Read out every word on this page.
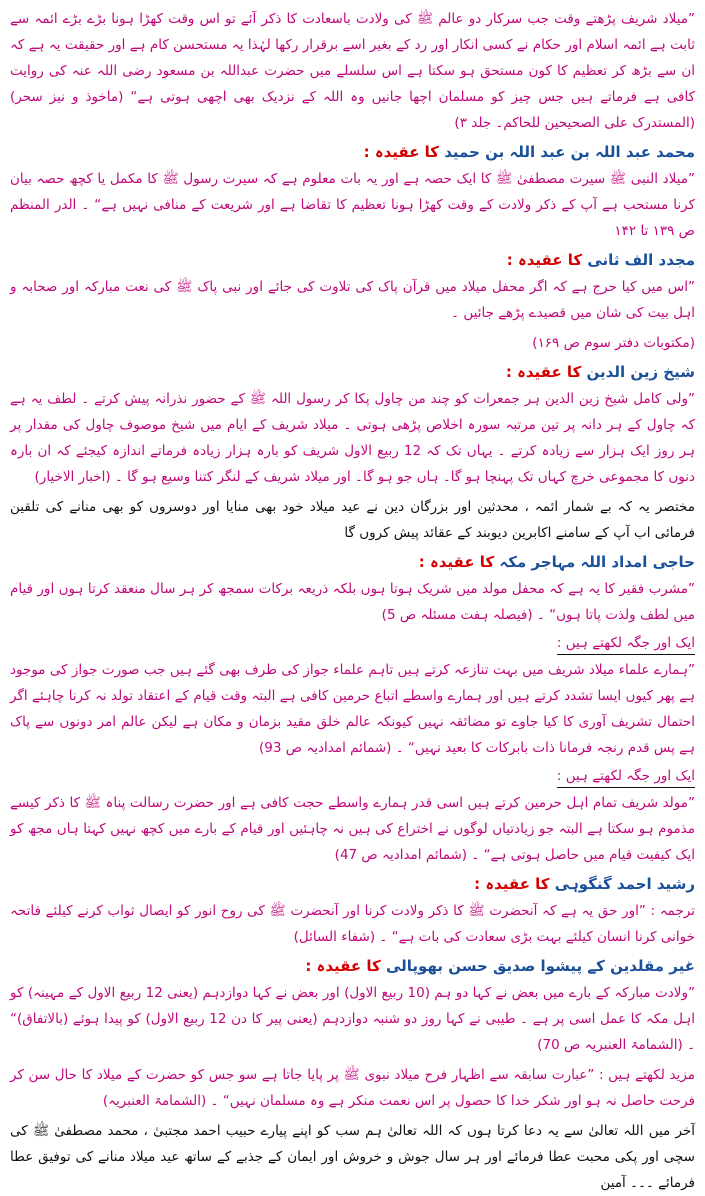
”میلاد شریف پڑھتے وقت جب سرکار دو عالم ﷺ کی ولادت باسعادت کا ذکر آئے تو اس وقت کھڑا ہونا بڑے بڑے ائمہ سے ثابت ہے ائمہ اسلام اور حکام نے کسی انکار اور رد کے بغیر اسے برقرار رکھا لہٰذا یہ مستحسن کام ہے اور حقیقت یہ ہے کہ ان سے بڑھ کر تعظیم کا کون مستحق ہو سکتا ہے اس سلسلے میں حضرت عبداللہ بن مسعود رضی اللہ عنہ کی روایت کافی ہے فرماتے ہیں جس چیز کو مسلمان اچھا جانیں وہ اللہ کے نزدیک بھی اچھی ہوتی ہے“ (ماخوذ و نیز سحر) (المستدرک علی الصحیحین للحاکم۔ جلد ۳)

محمد عبد اللہ بن عبد اللہ بن حمید کا عقیدہ :

”میلاد النبی ﷺ سیرت مصطفیٰ ﷺ کا ایک حصہ ہے اور یہ بات معلوم ہے کہ سیرت رسول ﷺ کا مکمل یا کچھ حصہ بیان کرنا مستحب ہے آپ کے ذکر ولادت کے وقت کھڑا ہونا تعظیم کا تقاضا ہے اور شریعت کے منافی نہیں ہے“ ۔ الدر المنظم ص ۱۳۹ تا ۱۴۲

مجدد الف ثانی کا عقیدہ :

”اس میں کیا حرج ہے کہ اگر محفل میلاد میں قرآن پاک کی تلاوت کی جائے اور نبی پاک ﷺ کی نعت مبارکہ اور صحابہ و اہل بیت کی شان میں قصیدے پڑھے جائیں ۔

(مکتوبات دفتر سوم ص ۱۶۹)

شیخ زین الدین کا عقیدہ :

”ولی کامل شیخ زین الدین ہر جمعرات کو چند من چاول پکا کر رسول اللہ ﷺ کے حضور نذرانہ پیش کرتے ۔ لطف یہ ہے کہ چاول کے ہر دانہ پر تین مرتبہ سورہ اخلاص پڑھی ہوتی ۔ میلاد شریف کے ایام میں شیخ موصوف چاول کی مقدار پر ہر روز ایک ہزار سے زیادہ کرتے ۔ یہاں تک کہ 12 ربیع الاول شریف کو بارہ ہزار زیادہ فرماتے اندازہ کیجئے کہ ان بارہ دنوں کا مجموعی خرچ کہاں تک پہنچا ہو گا۔ ہاں جو ہو گا۔ اور میلاد شریف کے لنگر کتنا وسیع ہو گا ۔ (اخبار الاخیار)

مختصر یہ کہ بے شمار ائمہ ، محدثین اور بزرگان دین نے عید میلاد خود بھی منایا اور دوسروں کو بھی منانے کی تلقین فرمائی اب آپ کے سامنے اکابرین دیوبند کے عقائد پیش کروں گا

حاجی امداد اللہ مہاجر مکہ کا عقیدہ :

”مشرب فقیر کا یہ ہے کہ محفل مولد میں شریک ہوتا ہوں بلکہ ذریعہ برکات سمجھ کر ہر سال منعقد کرتا ہوں اور قیام میں لطف ولذت پاتا ہوں“ ۔ (فیصلہ ہفت مسئلہ ص 5)

ایک اور جگہ لکھتے ہیں :

”ہمارے علماء میلاد شریف میں بہت تنازعہ کرتے ہیں تاہم علماء جواز کی طرف بھی گئے ہیں جب صورت جواز کی موجود ہے پھر کیوں ایسا تشدد کرتے ہیں اور ہمارے واسطے اتباع حرمین کافی ہے البتہ وقت قیام کے اعتقاد تولد نہ کرنا چاہئے اگر احتمال تشریف آوری کا کیا جاوے تو مضائقہ نہیں کیونکہ عالم خلق مقید بزمان و مکان ہے لیکن عالم امر دونوں سے پاک ہے پس قدم رنجہ فرمانا ذات بابرکات کا بعید نہیں“ ۔ (شمائم امدادیہ ص 93)

ایک اور جگہ لکھتے ہیں :

”مولد شریف تمام اہل حرمین کرتے ہیں اسی قدر ہمارے واسطے حجت کافی ہے اور حضرت رسالت پناہ ﷺ کا ذکر کیسے مذموم ہو سکتا ہے البتہ جو زیادتیاں لوگوں نے اختراع کی ہیں نہ چاہئیں اور قیام کے بارے میں کچھ نہیں کہتا ہاں مجھ کو ایک کیفیت قیام میں حاصل ہوتی ہے“ ۔ (شمائم امدادیہ ص 47)

رشید احمد گنگوہی کا عقیدہ :

ترجمہ : ”اور حق یہ ہے کہ آنحضرت ﷺ کا ذکر ولادت کرنا اور آنحضرت ﷺ کی روح انور کو ایصال ثواب کرنے کیلئے فاتحہ خوانی کرنا انسان کیلئے بہت بڑی سعادت کی بات ہے“ ۔ (شفاء السائل)

غیر مقلدین کے پیشوا صدیق حسن بھوپالی کا عقیدہ :

”ولادت مبارکہ کے بارے میں بعض نے کہا دو ہم (10 ربیع الاول) اور بعض نے کہا دوازدہم (یعنی 12 ربیع الاول کے مہینہ) کو اہل مکہ کا عمل اسی پر ہے ۔ طیبی نے کہا روز دو شنبہ دوازدہم (یعنی پیر کا دن 12 ربیع الاول) کو پیدا ہوئے (بالاتفاق)“ ۔ (الشمامۃ العنبریہ ص 70)

مزید لکھتے ہیں : ”عبارت سابقہ سے اظہار فرح میلاد نبوی ﷺ پر پایا جاتا ہے سو جس کو حضرت کے میلاد کا حال سن کر فرحت حاصل نہ ہو اور شکر خدا کا حصول پر اس نعمت منکر ہے وہ مسلمان نہیں“ ۔ (الشمامۃ العنبریہ)

آخر میں اللہ تعالیٰ سے یہ دعا کرتا ہوں کہ اللہ تعالیٰ ہم سب کو اپنے پیارے حبیب احمد مجتبیٰ ، محمد مصطفیٰ ﷺ کی سچی اور پکی محبت عطا فرمائے اور ہر سال جوش و خروش اور ایمان کے جذبے کے ساتھ عید میلاد منانے کی توفیق عطا فرمائے ۔۔۔ آمین
